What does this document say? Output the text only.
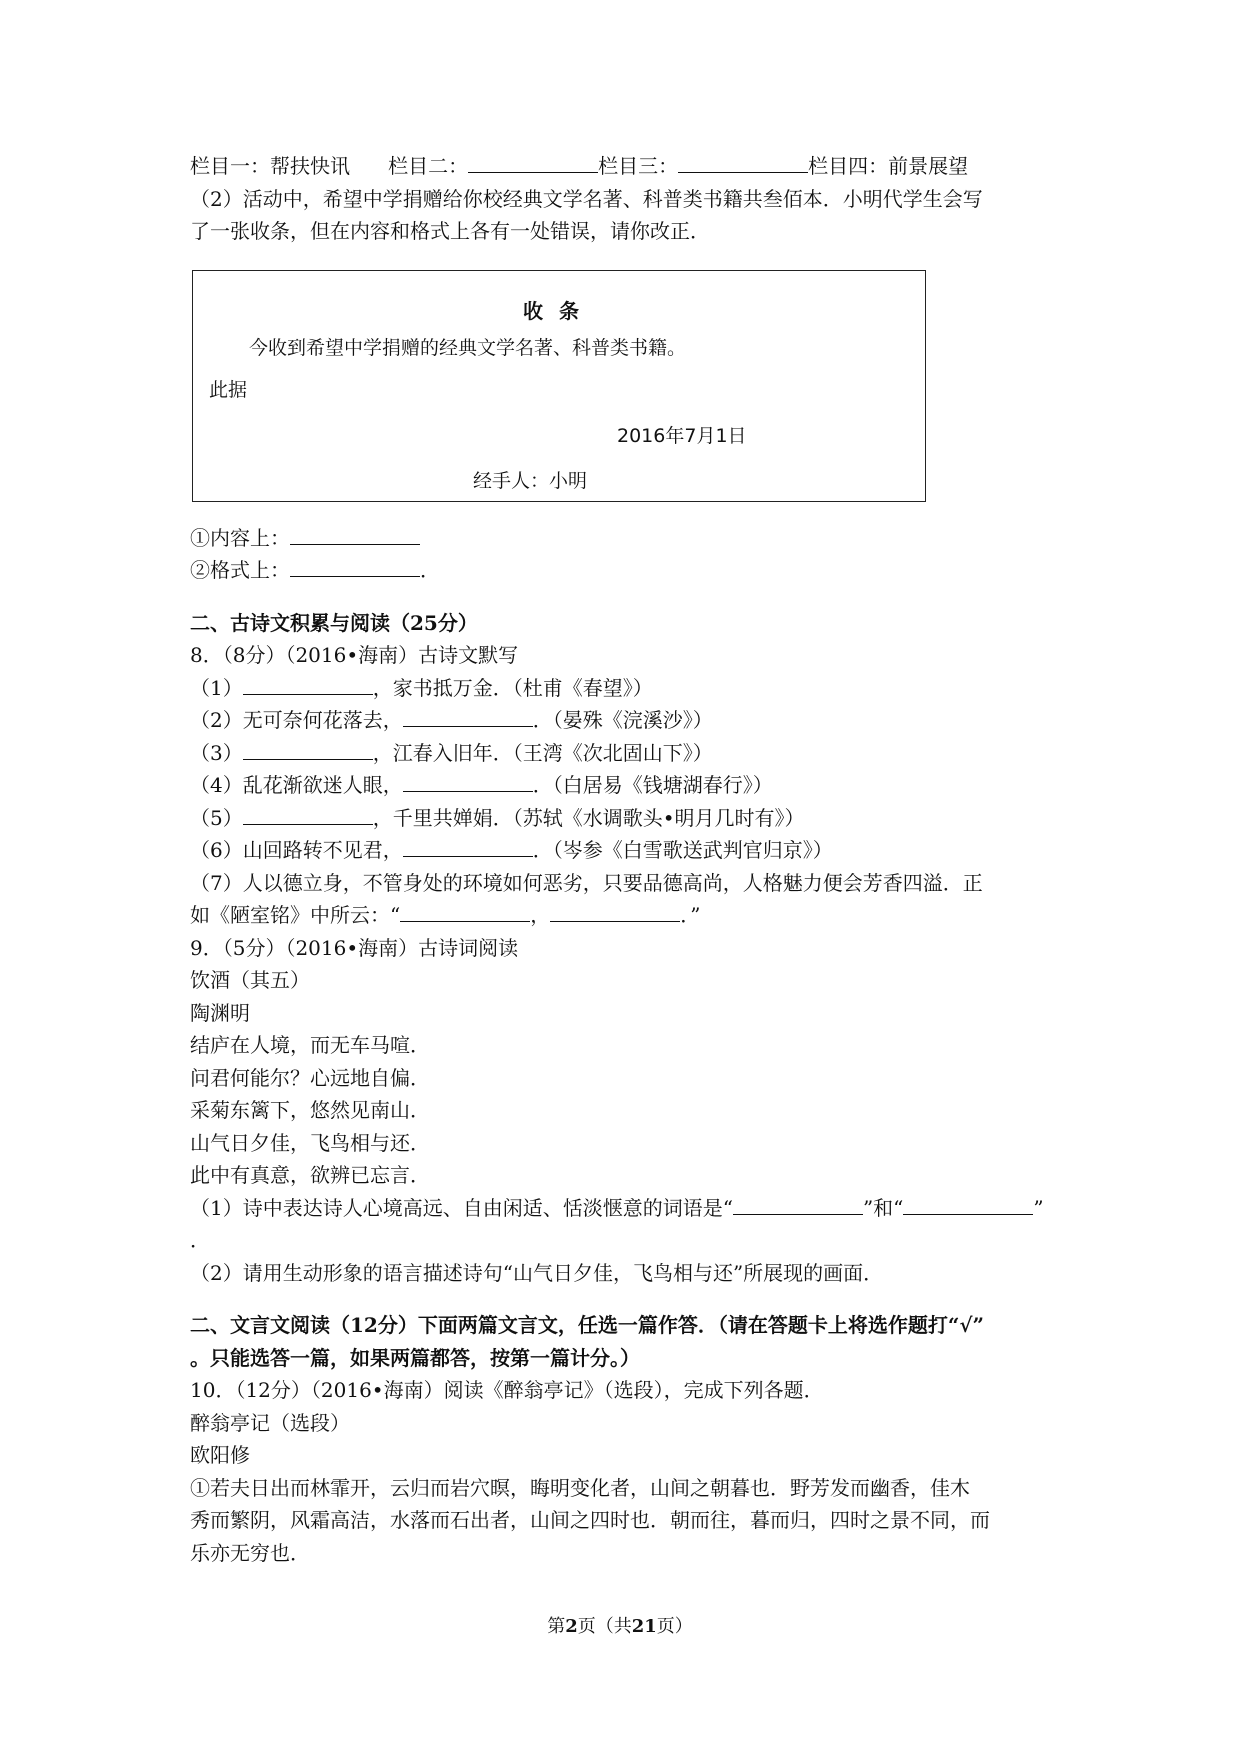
栏目一：帮扶快讯 栏目二：	栏目三：	栏目四：前景展望
（2）活动中，希望中学捐赠给你校经典文学名著、科普类书籍共叁佰本．小明代学生会写
了一张收条，但在内容和格式上各有一处错误，请你改正．
收条
今收到希望中学捐赠的经典文学名著、科普类书籍。
此据
2016年7月1日
经手人：小明
①内容上：
②格式上：	．
二、古诗文积累与阅读（25分）
8．（8分）（2016•海南）古诗文默写
（1）	，家书抵万金．（杜甫《春望》）
（2）无可奈何花落去，	．（晏殊《浣溪沙》）
（3）	，江春入旧年．（王湾《次北固山下》）
（4）乱花渐欲迷人眼，	．（白居易《钱塘湖春行》）
（5）	，千里共婵娟．（苏轼《水调歌头•明月几时有》）
（6）山回路转不见君，	．（岑参《白雪歌送武判官归京》）
（7）人以德立身，不管身处的环境如何恶劣，只要品德高尚，人格魅力便会芳香四溢．正
如《陋室铭》中所云：“	，	．”
9．（5分）（2016•海南）古诗词阅读
饮酒（其五）
陶渊明
结庐在人境，而无车马喧．
问君何能尔？心远地自偏．
采菊东篱下，悠然见南山．
山气日夕佳，飞鸟相与还．
此中有真意，欲辨已忘言．
（1）诗中表达诗人心境高远、自由闲适、恬淡惬意的词语是“	”和“	”
．
（2）请用生动形象的语言描述诗句“山气日夕佳，飞鸟相与还”所展现的画面．
二、文言文阅读（12分）下面两篇文言文，任选一篇作答．（请在答题卡上将选作题打“√”
。只能选答一篇，如果两篇都答，按第一篇计分。）
10．（12分）（2016•海南）阅读《醉翁亭记》（选段），完成下列各题．
醉翁亭记（选段）
欧阳修
①若夫日出而林霏开，云归而岩穴暝，晦明变化者，山间之朝暮也．野芳发而幽香，佳木
秀而繁阴，风霜高洁，水落而石出者，山间之四时也．朝而往，暮而归，四时之景不同，而
乐亦无穷也．
第2页（共21页）
